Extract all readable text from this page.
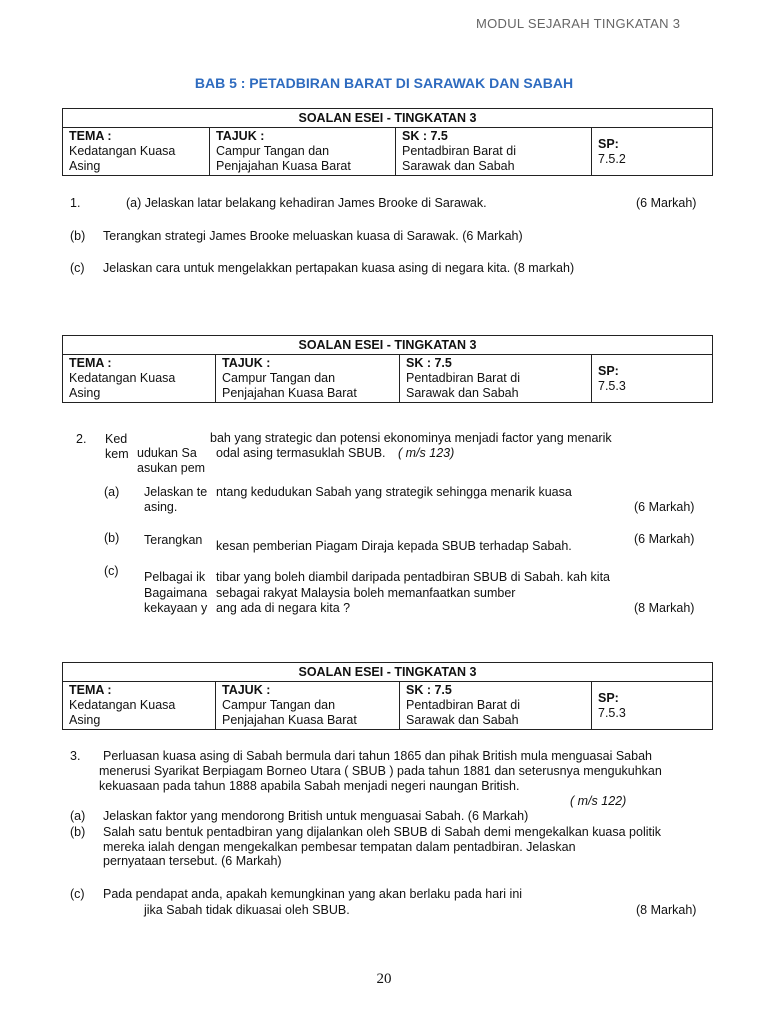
MODUL SEJARAH TINGKATAN 3
BAB 5 : PETADBIRAN BARAT DI SARAWAK DAN SABAH
SOALAN ESEI - TINGKATAN 3

TEMA :
Kedatangan Kuasa
Asing

TAJUK :
Campur Tangan dan
Penjajahan Kuasa Barat

SK : 7.5
Pentadbiran Barat di
Sarawak dan Sabah

SP:
7.5.2
1.	(a) Jelaskan latar belakang kehadiran James Brooke di Sarawak.	(6 Markah)
(b) Terangkan strategi James Brooke meluaskan kuasa di Sarawak. (6 Markah)
(c) Jelaskan cara untuk mengelakkan pertapakan kuasa asing di negara kita. (8 markah)
SOALAN ESEI - TINGKATAN 3

TEMA :
Kedatangan Kuasa
Asing

TAJUK :
Campur Tangan dan
Penjajahan Kuasa Barat

SK : 7.5
Pentadbiran Barat di
Sarawak dan Sabah

SP:
7.5.3
2. Ked	bah yang strategic dan potensi ekonominya menjadi factor yang menarik
kem udukan Sa odal asing termasuklah SBUB. ( m/s 123)
asukan pem
(a) Jelaskan te ntang kedudukan Sabah yang strategik sehingga menarik kuasa
asing.	(6 Markah)
(b) Terangkan kesan pemberian Piagam Diraja kepada SBUB terhadap Sabah.	(6 Markah)
(c) Pelbagai ik tibar yang boleh diambil daripada pentadbiran SBUB di Sabah. kah kita
Bagaimana sebagai rakyat Malaysia boleh memanfaatkan sumber
kekayaan y ang ada di negara kita ?	(8 Markah)
SOALAN ESEI - TINGKATAN 3

TEMA :
Kedatangan Kuasa
Asing

TAJUK :
Campur Tangan dan
Penjajahan Kuasa Barat

SK : 7.5
Pentadbiran Barat di
Sarawak dan Sabah

SP:
7.5.3
3. Perluasan kuasa asing di Sabah bermula dari tahun 1865 dan pihak British mula menguasai Sabah
menerusi Syarikat Berpiagam Borneo Utara ( SBUB ) pada tahun 1881 dan seterusnya mengukuhkan
kekuasaan pada tahun 1888 apabila Sabah menjadi negeri naungan British.
( m/s 122)
(a) Jelaskan faktor yang mendorong British untuk menguasai Sabah. (6 Markah)
(b) Salah satu bentuk pentadbiran yang dijalankan oleh SBUB di Sabah demi mengekalkan kuasa politik
mereka ialah dengan mengekalkan pembesar tempatan dalam pentadbiran. Jelaskan
pernyataan tersebut. (6 Markah)
(c) Pada pendapat anda, apakah kemungkinan yang akan berlaku pada hari ini
jika Sabah tidak dikuasai oleh SBUB.	(8 Markah)
20
